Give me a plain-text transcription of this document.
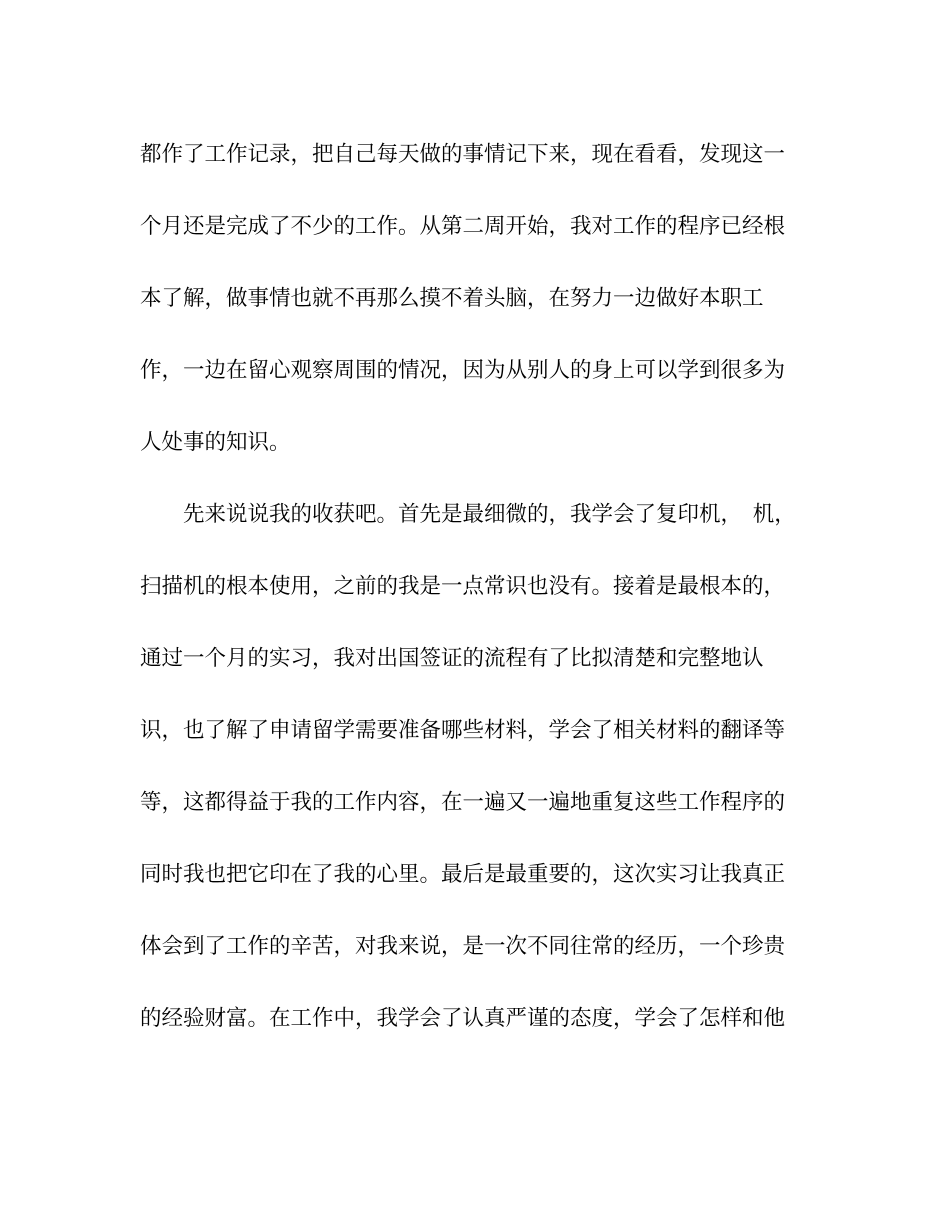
都作了工作记录，把自己每天做的事情记下来，现在看看，发现这一
个月还是完成了不少的工作。从第二周开始，我对工作的程序已经根
本了解，做事情也就不再那么摸不着头脑，在努力一边做好本职工
作，一边在留心观察周围的情况，因为从别人的身上可以学到很多为
人处事的知识。
先来说说我的收获吧。首先是最细微的，我学会了复印机，　机，
扫描机的根本使用，之前的我是一点常识也没有。接着是最根本的，
通过一个月的实习，我对出国签证的流程有了比拟清楚和完整地认
识，也了解了申请留学需要准备哪些材料，学会了相关材料的翻译等
等，这都得益于我的工作内容，在一遍又一遍地重复这些工作程序的
同时我也把它印在了我的心里。最后是最重要的，这次实习让我真正
体会到了工作的辛苦，对我来说，是一次不同往常的经历，一个珍贵
的经验财富。在工作中，我学会了认真严谨的态度，学会了怎样和他
